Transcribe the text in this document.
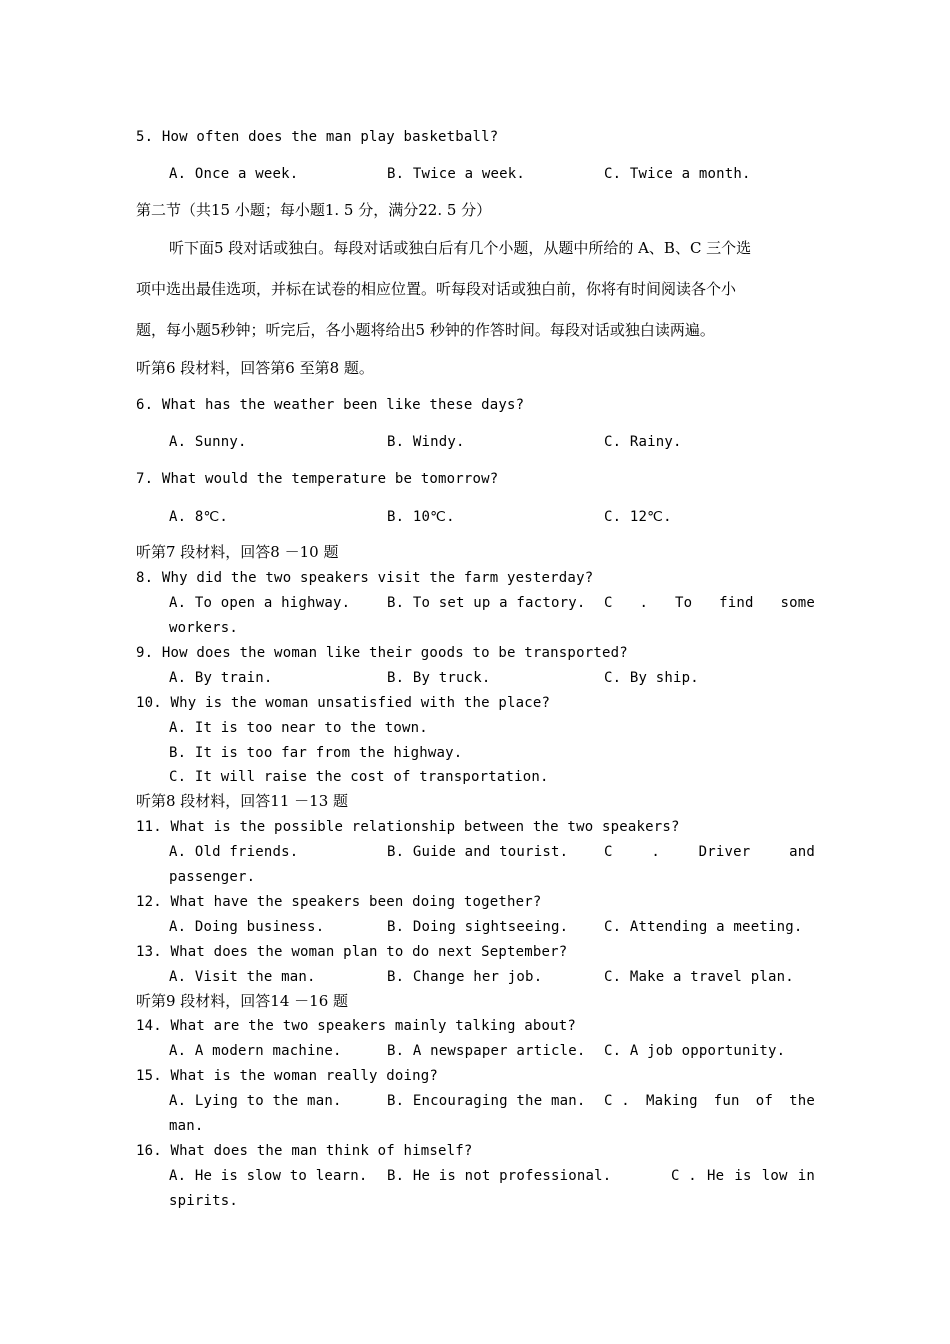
5. How often does the man play basketball?
A. Once a week.	B. Twice a week.	C. Twice a month.
第二节（共15 小题；每小题1. 5 分，满分22. 5 分）
听下面5 段对话或独白。每段对话或独白后有几个小题，从题中所给的 A、B、C 三个选
项中选出最佳选项，并标在试卷的相应位置。听每段对话或独白前，你将有时间阅读各个小
题，每小题5秒钟；听完后，各小题将给出5 秒钟的作答时间。每段对话或独白读两遍。
听第6 段材料，回答第6 至第8 题。
6. What has the weather been like these days?
A. Sunny.	B. Windy.	C. Rainy.
7. What would the temperature be tomorrow?
A. 8℃.	B. 10℃.	C. 12℃.
听第7 段材料，回答8 －10 题
8. Why did the two speakers visit the farm yesterday?
A. To open a highway.	B. To set up a factory. C . To find some
workers.
9. How does the woman like their goods to be transported?
A. By train.	B. By truck.	C. By ship.
10. Why is the woman unsatisfied with the place?
A. It is too near to the town.
B. It is too far from the highway.
C. It will raise the cost of transportation.
听第8 段材料，回答11 －13 题
11. What is the possible relationship between the two speakers?
A. Old friends.	B. Guide and tourist.	C	.	Driver	and
passenger.
12. What have the speakers been doing together?
A. Doing business.	B. Doing sightseeing.	C. Attending a meeting.
13. What does the woman plan to do next September?
A. Visit the man.	B. Change her job.	C. Make a travel plan.
听第9 段材料，回答14 －16 题
14. What are the two speakers mainly talking about?
A. A modern machine.	B. A newspaper article. C. A job opportunity.
15. What is the woman really doing?
A. Lying to the man.	B. Encouraging the man. C . Making fun of the
man.
16. What does the man think of himself?
A. He is slow to learn. B. He is not professional.	C . He is low in
spirits.
